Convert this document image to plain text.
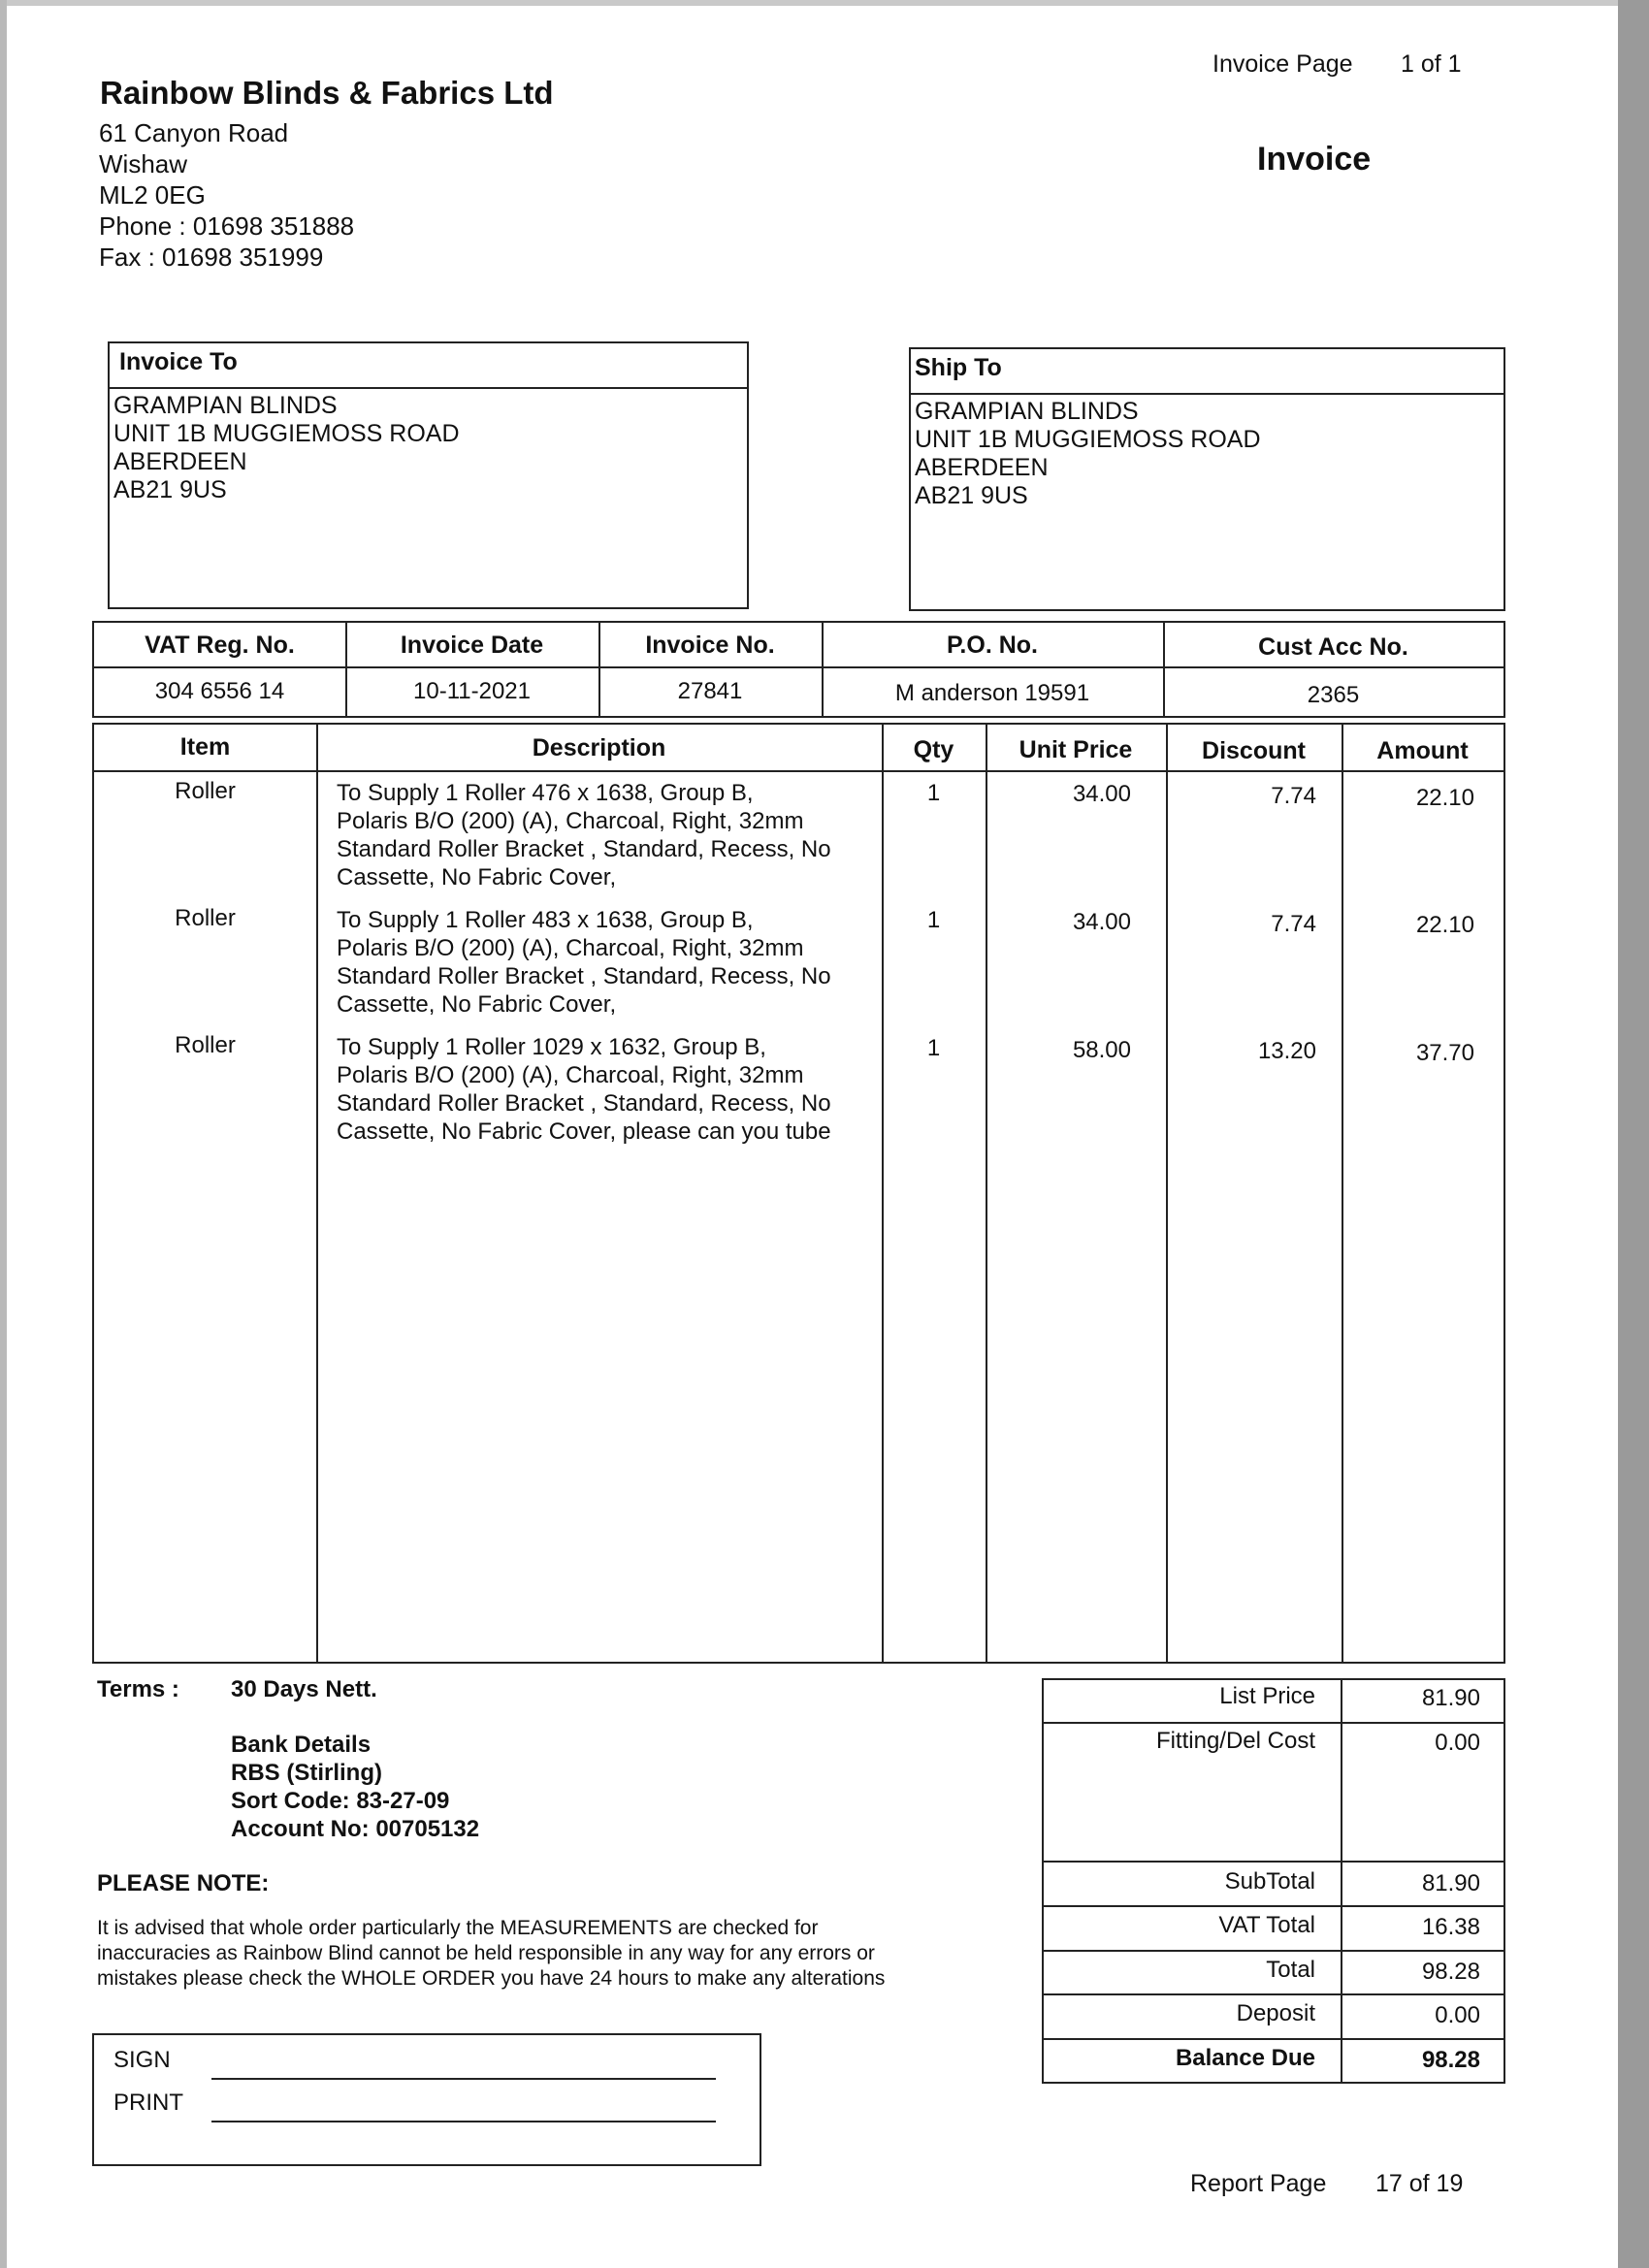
Invoice Page 1 of 1
Invoice
Rainbow Blinds & Fabrics Ltd
61 Canyon Road
Wishaw
ML2 0EG
Phone : 01698 351888
Fax : 01698 351999
Invoice To
GRAMPIAN BLINDS
UNIT 1B MUGGIEMOSS ROAD
ABERDEEN
AB21 9US
Ship To
GRAMPIAN BLINDS
UNIT 1B MUGGIEMOSS ROAD
ABERDEEN
AB21 9US
VAT Reg. No.	Invoice Date	Invoice No.	P.O. No.	Cust Acc No.
304 6556 14	10-11-2021	27841	M anderson 19591	2365
Item	Description	Qty	Unit Price	Discount	Amount
Roller	To Supply 1 Roller 476 x 1638, Group B,
Polaris B/O (200) (A), Charcoal, Right, 32mm
Standard Roller Bracket , Standard, Recess, No
Cassette, No Fabric Cover,
1	34.00	7.74	22.10
Roller	To Supply 1 Roller 483 x 1638, Group B,
Polaris B/O (200) (A), Charcoal, Right, 32mm
Standard Roller Bracket , Standard, Recess, No
Cassette, No Fabric Cover,
1	34.00	7.74	22.10
Roller	To Supply 1 Roller 1029 x 1632, Group B,
Polaris B/O (200) (A), Charcoal, Right, 32mm
Standard Roller Bracket , Standard, Recess, No
Cassette, No Fabric Cover, please can you tube
1	58.00	13.20	37.70
Terms : 30 Days Nett.
Bank Details
RBS (Stirling)
Sort Code: 83-27-09
Account No: 00705132
PLEASE NOTE:
It is advised that whole order particularly the MEASUREMENTS are checked for
inaccuracies as Rainbow Blind cannot be held responsible in any way for any errors or
mistakes please check the WHOLE ORDER you have 24 hours to make any alterations
SIGN
PRINT
List Price	81.90
Fitting/Del Cost	0.00
SubTotal	81.90
VAT Total	16.38
Total	98.28
Deposit	0.00
Balance Due	98.28
Report Page 17 of 19
